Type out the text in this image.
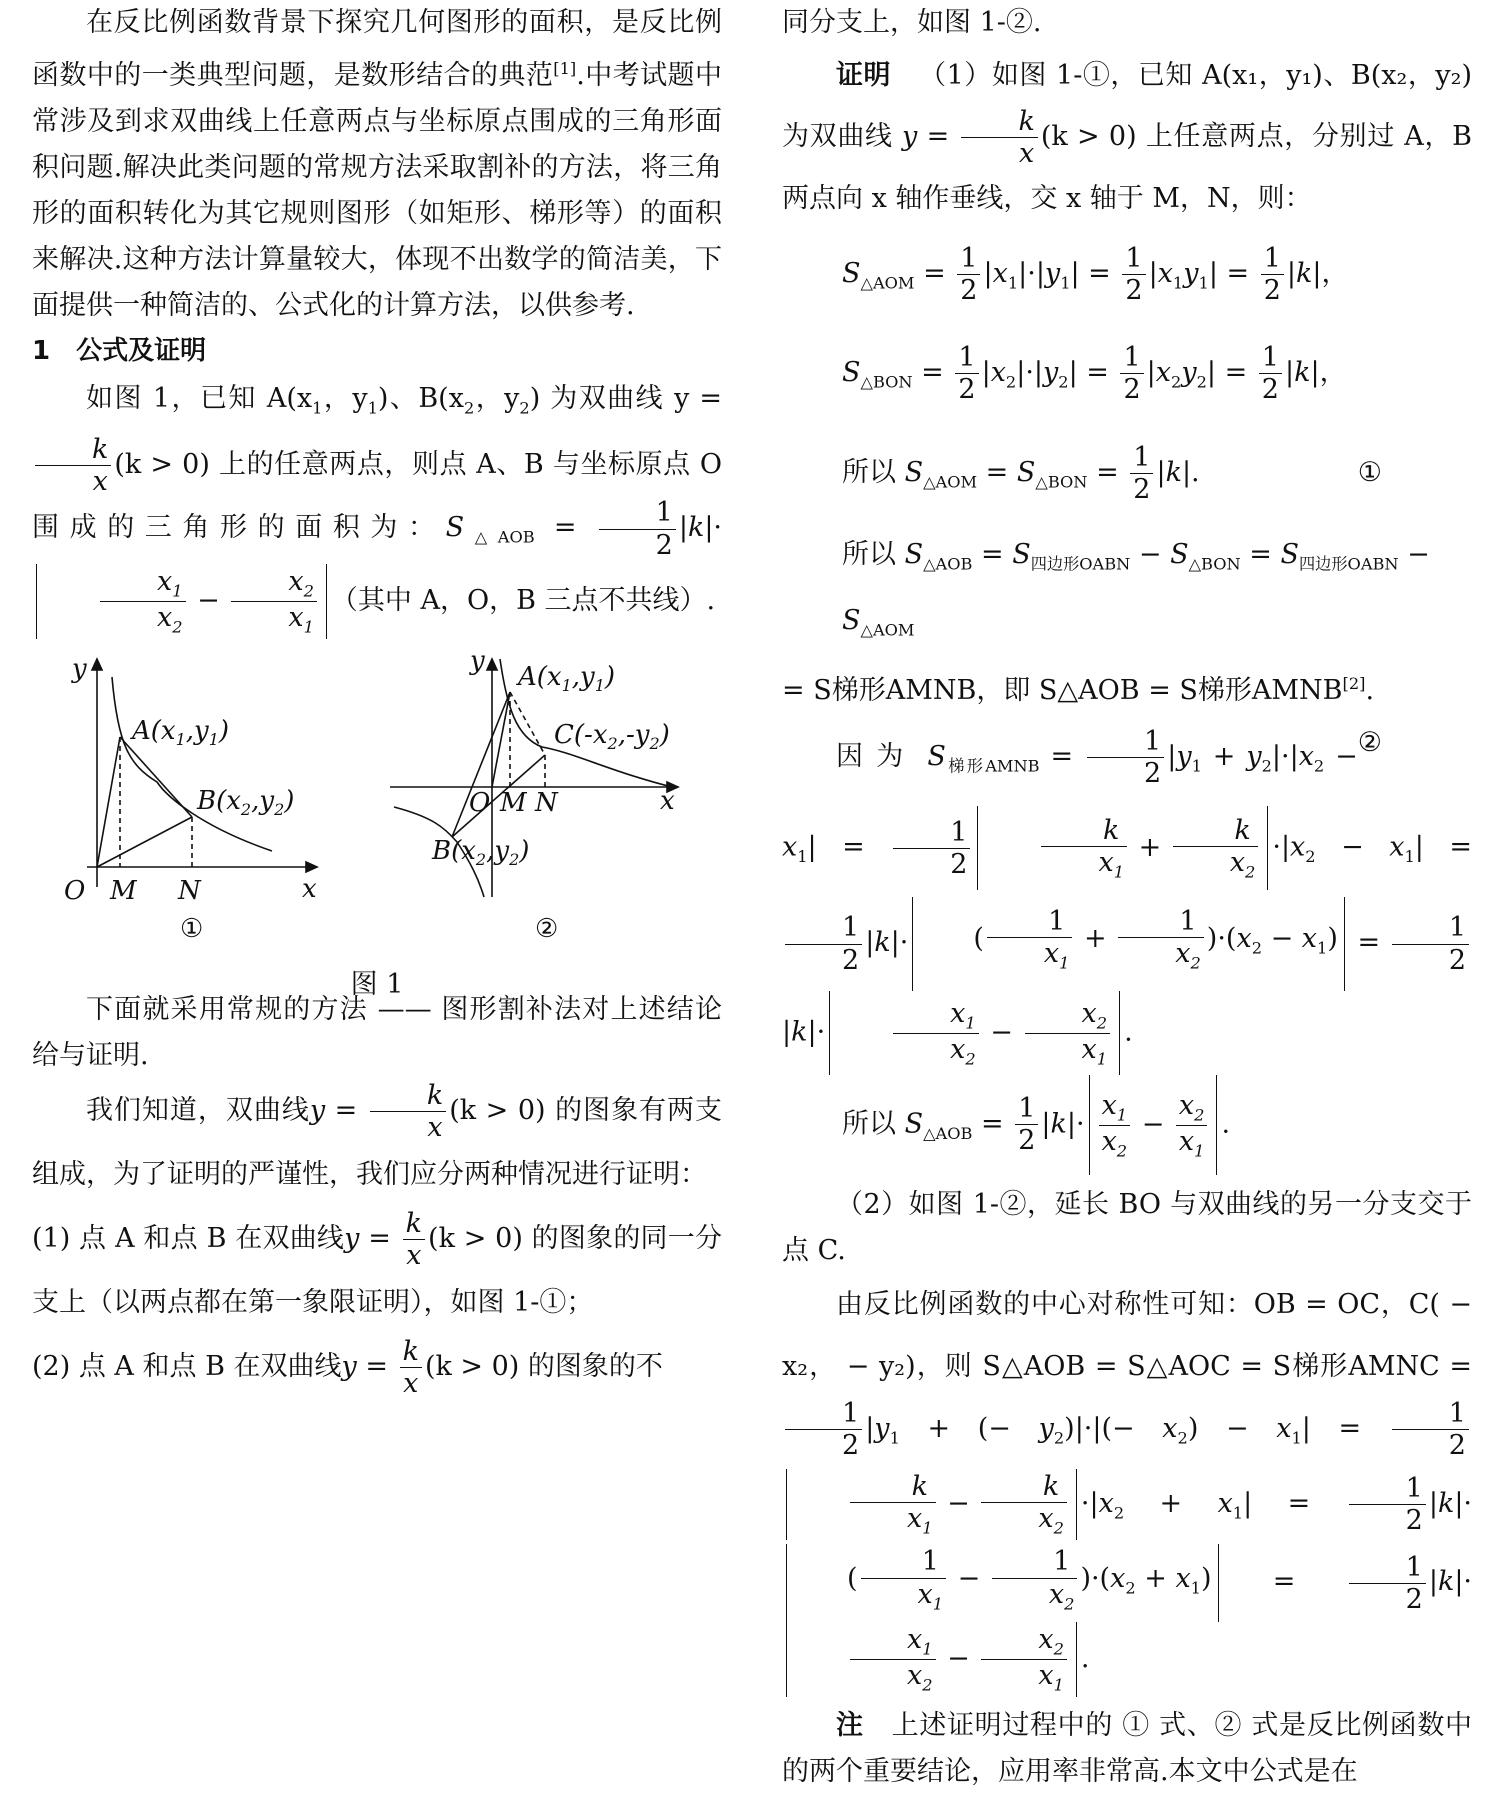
在反比例函数背景下探究几何图形的面积，是反比例函数中的一类典型问题，是数形结合的典范[1].中考试题中常涉及到求双曲线上任意两点与坐标原点围成的三角形面积问题.解决此类问题的常规方法采取割补的方法，将三角形的面积转化为其它规则图形（如矩形、梯形等）的面积来解决.这种方法计算量较大，体现不出数学的简洁美，下面提供一种简洁的、公式化的计算方法，以供参考.

1 公式及证明

如图 1，已知 $A(x_1$，$y_1$)、$B(x_2$，$y_2$) 为双曲线 y =
$\frac{k}{x} (k > 0)$ 上的任意两点，则点 A、B 与坐标原点 O 围成的三角形的面积为：$S_{\triangle AOB} = \frac{1}{2} |k|\cdot$
$\frac{x_1}{x_2} - \frac{x_2}{x_1}$ （其中 A，O，B 三点不共线）.

y
x
O M N
$A(x_1,y_1)$
$B(x_2,y_2)$
①
y
x
O M N
$A(x_1,y_1)$
$C(-x_2,-y_2)$
$B(x_2,y_2)$
②
图 1

下面就采用常规的方法 —— 图形割补法对上述结论给与证明.

我们知道，双曲线$y = \frac{k}{x} (k > 0)$ 的图象有两支组成，为了证明的严谨性，我们应分两种情况进行证明：

(1) 点 A 和点 B 在双曲线$y = \frac{k}{x} (k > 0)$ 的图象的同一分支上（以两点都在第一象限证明），如图 1-①；

(2) 点 A 和点 B 在双曲线$y = \frac{k}{x} (k > 0)$ 的图象的不

同分支上，如图 1-②.

证明 （1）如图 1-①，已知 A(x₁，y₁)、B(x₂，y₂) 为双曲线 $y = \frac{k}{x} (k > 0)$ 上任意两点，分别过 A，B 两点向 x 轴作垂线，交 x 轴于 M，N，则：

$S_{\triangle AOM} = \frac{1}{2} |x_1|\cdot|y_1| = \frac{1}{2} |x_1y_1| = \frac{1}{2} |k|$，
$S_{\triangle BON} = \frac{1}{2} |x_2|\cdot|y_2| = \frac{1}{2} |x_2y_2| = \frac{1}{2} |k|$，
所以 $S_{\triangle AOM} = S_{\triangle BON} = \frac{1}{2} |k|$.	①
所以 $S_{\triangle AOB} = S_{四边形OABN} - S_{\triangle BON} = S_{四边形OABN} - S_{\triangle AOM}$

= S梯形AMNB，即 S△AOB = S梯形AMNB[2].
②

因 为 $S_{梯形AMNB} = \frac{1}{2} |y_1 + y_2|\cdot|x_2 - x_1| = \frac{1}{2}$	$\frac{k}{x_1} + \frac{k}{x_2} \cdot|x_2 - x_1|$ =
$\frac{1}{2} |k|\cdot$ ( $\frac{1}{x_1} + \frac{1}{x_2} )\cdot(x_2 - x_1) = \frac{1}{2}$
|k|·	$\frac{x_1}{x_2} - \frac{x_2}{x_1}$ .

所以 $S_{\triangle AOB} = \frac{1}{2} |k|\cdot \frac{x_1}{x_2} - \frac{x_2}{x_1}$ .

（2）如图 1-②，延长 BO 与双曲线的另一分支交于点 C.

由反比例函数的中心对称性可知：OB = OC，C( − x₂， − y₂)，则 S△AOB = S△AOC = S梯形AMNC =
$\frac{1}{2} |y_1$ + (− $y_2)|\cdot|(- x_2) - x_1| = \frac{1}{2}$
$\frac{k}{x_1} - \frac{k}{x_2} \cdot|x_2 + x_1| = \frac{1}{2} |k|\cdot( \frac{1}{x_1} - \frac{1}{x_2} )\cdot(x_2 + x_1) = \frac{1}{2} |k|\cdot$
$\frac{x_1}{x_2} - \frac{x_2}{x_1}$ .

注 上述证明过程中的 ① 式、② 式是反比例函数中的两个重要结论，应用率非常高.本文中公式是在
